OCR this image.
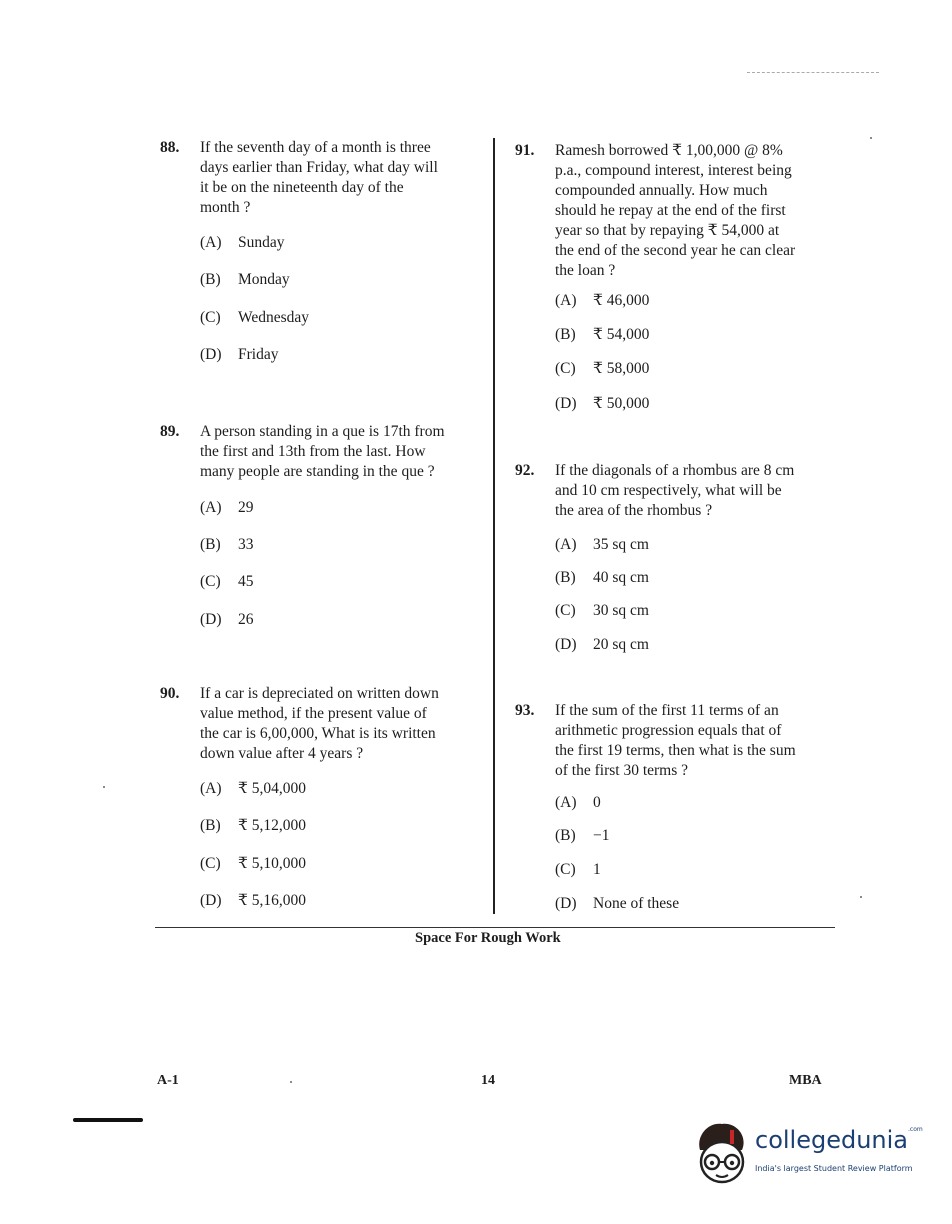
88. If the seventh day of a month is three
days earlier than Friday, what day will
it be on the nineteenth day of the
month ?
(A) Sunday
(B) Monday
(C) Wednesday
(D) Friday
89. A person standing in a que is 17th from
the first and 13th from the last. How
many people are standing in the que ?
(A) 29
(B) 33
(C) 45
(D) 26
90. If a car is depreciated on written down
value method, if the present value of
the car is 6,00,000, What is its written
down value after 4 years ?
(A) ₹ 5,04,000
(B) ₹ 5,12,000
(C) ₹ 5,10,000
(D) ₹ 5,16,000
91. Ramesh borrowed ₹ 1,00,000 @ 8%
p.a., compound interest, interest being
compounded annually. How much
should he repay at the end of the first
year so that by repaying ₹ 54,000 at
the end of the second year he can clear
the loan ?
(A) ₹ 46,000
(B) ₹ 54,000
(C) ₹ 58,000
(D) ₹ 50,000
92. If the diagonals of a rhombus are 8 cm
and 10 cm respectively, what will be
the area of the rhombus ?
(A) 35 sq cm
(B) 40 sq cm
(C) 30 sq cm
(D) 20 sq cm
93. If the sum of the first 11 terms of an
arithmetic progression equals that of
the first 19 terms, then what is the sum
of the first 30 terms ?
(A) 0
(B) −1
(C) 1
(D) None of these
Space For Rough Work
A-1	14	MBA
collegedunia$^{.com}$
India's largest Student Review Platform
